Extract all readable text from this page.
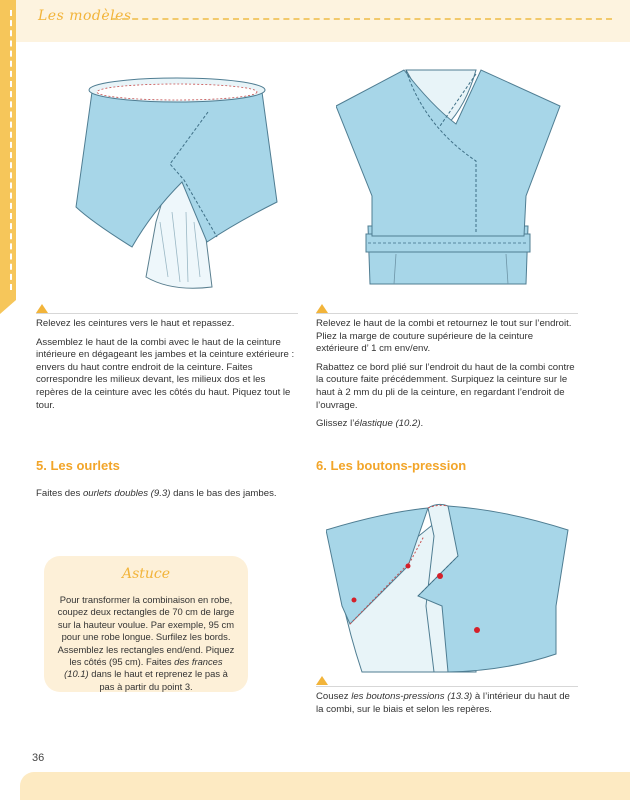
Les modèles

Relevez les ceintures vers le haut et repassez.

Assemblez le haut de la combi avec le haut de la ceinture intérieure en dégageant les jambes et la ceinture extérieure : envers du haut contre endroit de la ceinture. Faites correspondre les milieux devant, les milieux dos et les repères de la ceinture avec les côtés du haut. Piquez tout le tour.

Relevez le haut de la combi et retournez le tout sur l’endroit. Pliez la marge de couture supérieure de la ceinture extérieure d’ 1 cm env/env.

Rabattez ce bord plié sur l’endroit du haut de la combi contre la couture faite précédemment. Surpiquez la ceinture sur le haut à 2 mm du pli de la ceinture, en regardant l’endroit de l’ouvrage.

Glissez l’élastique (10.2).

5. Les ourlets
Faites des ourlets doubles (9.3) dans le bas des jambes.
6. Les boutons-pression
Astuce
Pour transformer la combinaison en robe, coupez deux rectangles de 70 cm de large sur la hauteur voulue. Par exemple, 95 cm pour une robe longue. Surfilez les bords. Assemblez les rectangles end/end. Piquez les côtés (95 cm). Faites des frances (10.1) dans le haut et reprenez le pas à pas à partir du point 3.
Cousez les boutons-pressions (13.3) à l’intérieur du haut de la combi, sur le biais et selon les repères.
36
